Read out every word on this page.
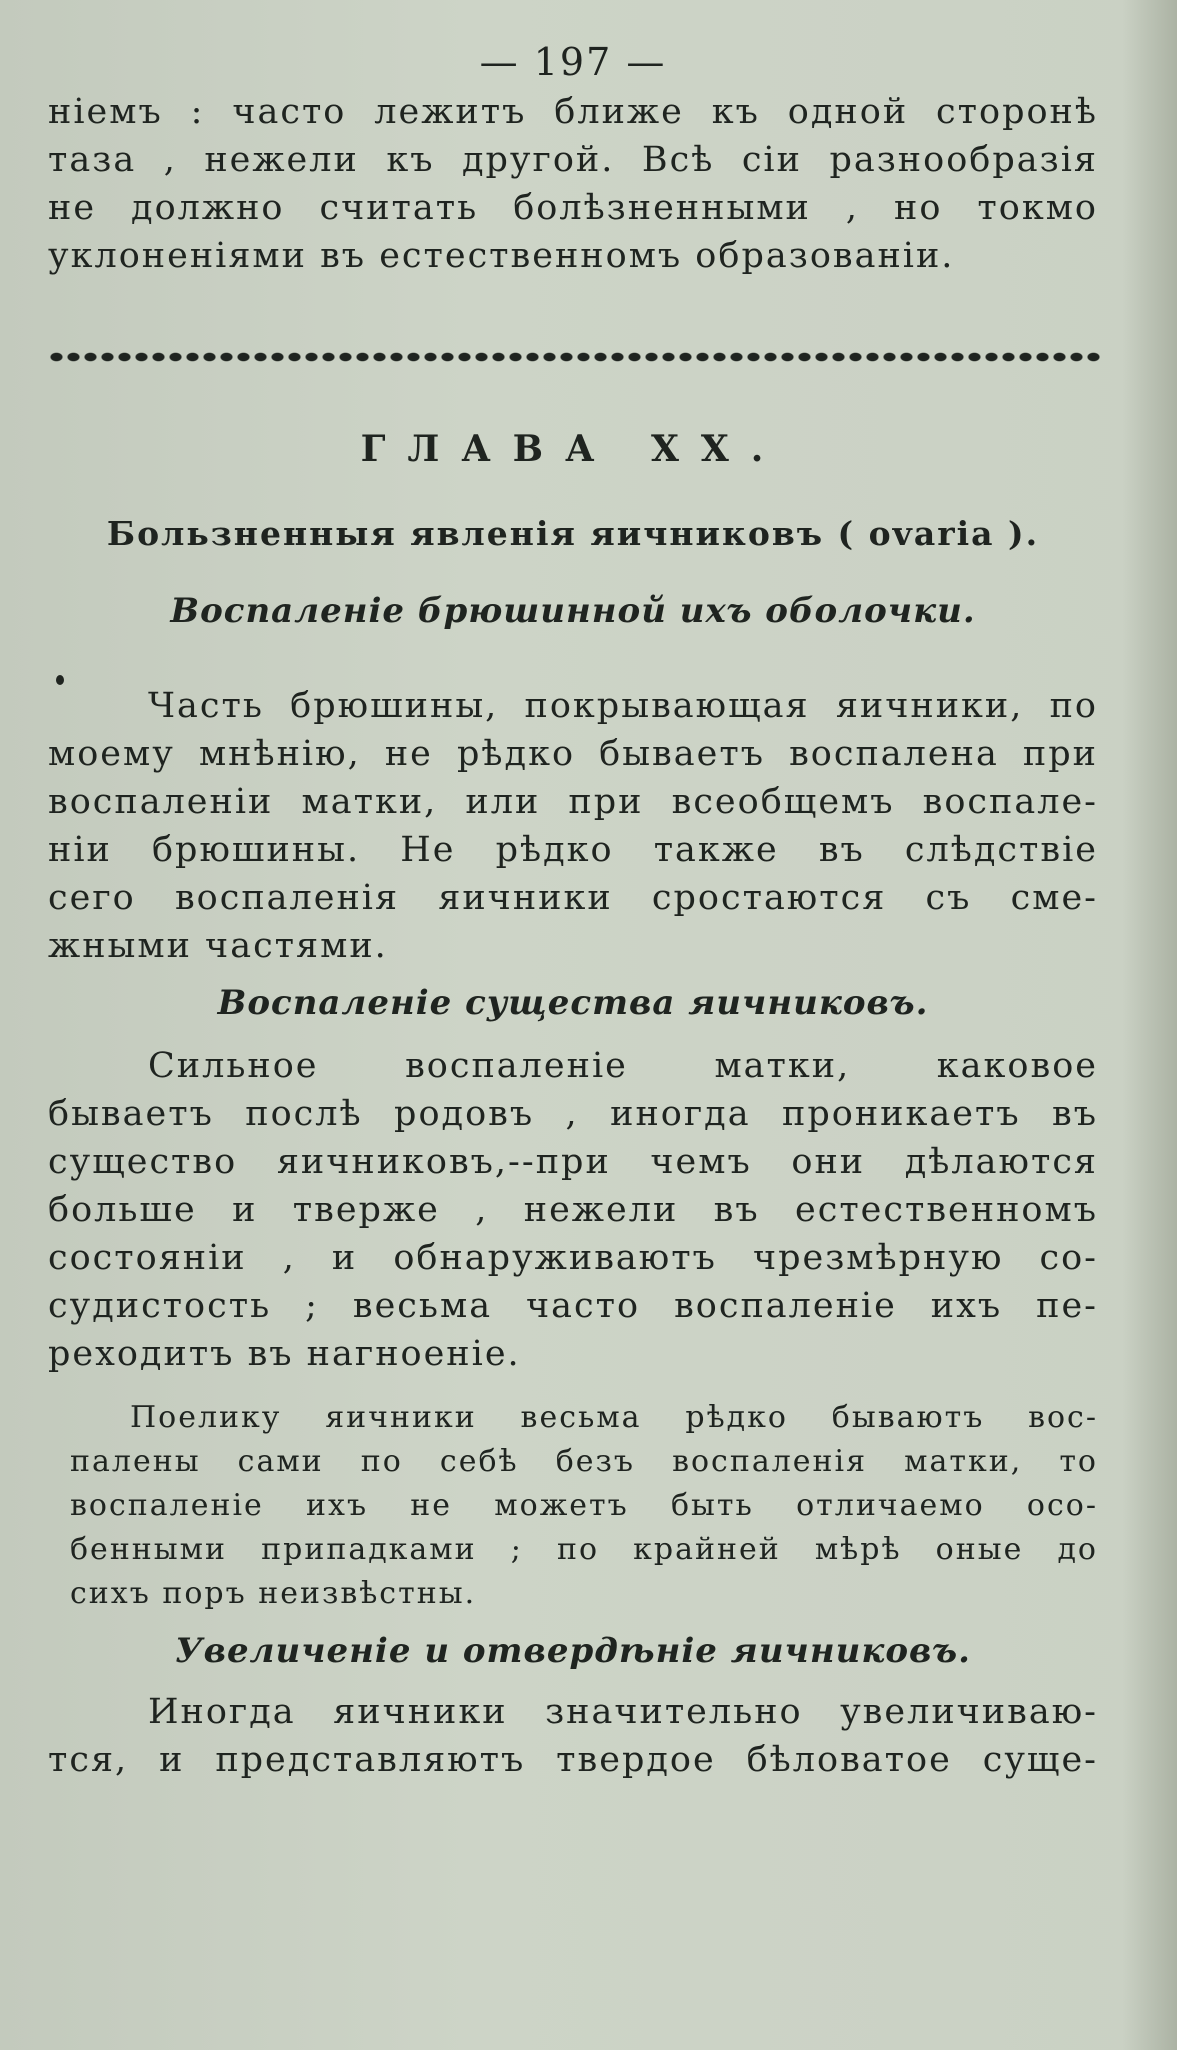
— 197 —
ніемъ : часто лежитъ ближе къ одной сторонѣ
таза , нежели къ другой. Всѣ сіи разнообразія
не должно считать болѣзненными , но токмо
уклоненіями въ естественномъ образованіи.
ГЛАВА XX.
Бользненныя явленія яичниковъ ( ovaria ).
Воспаленіе брюшинной ихъ оболочки.
Часть брюшины, покрывающая яичники, по
моему мнѣнію, не рѣдко бываетъ воспалена при
воспаленіи матки, или при всеобщемъ воспале-
ніи брюшины. Не рѣдко также въ слѣдствіе
сего воспаленія яичники сростаются съ сме-
жными частями.
Воспаленіе существа яичниковъ.
Сильное воспаленіе матки, каковое
бываетъ послѣ родовъ , иногда проникаетъ въ
существо яичниковъ,--при чемъ они дѣлаются
больше и тверже , нежели въ естественномъ
состояніи , и обнаруживаютъ чрезмѣрную со-
судистость ; весьма часто воспаленіе ихъ пе-
реходитъ въ нагноеніе.
Поелику яичники весьма рѣдко бываютъ вос-
палены сами по себѣ безъ воспаленія матки, то
воспаленіе ихъ не можетъ быть отличаемо осо-
бенными припадками ; по крайней мѣрѣ оные до
сихъ поръ неизвѣстны.
Увеличеніе и отвердѣніе яичниковъ.
Иногда яичники значительно увеличиваю-
тся, и представляютъ твердое бѣловатое суще-
